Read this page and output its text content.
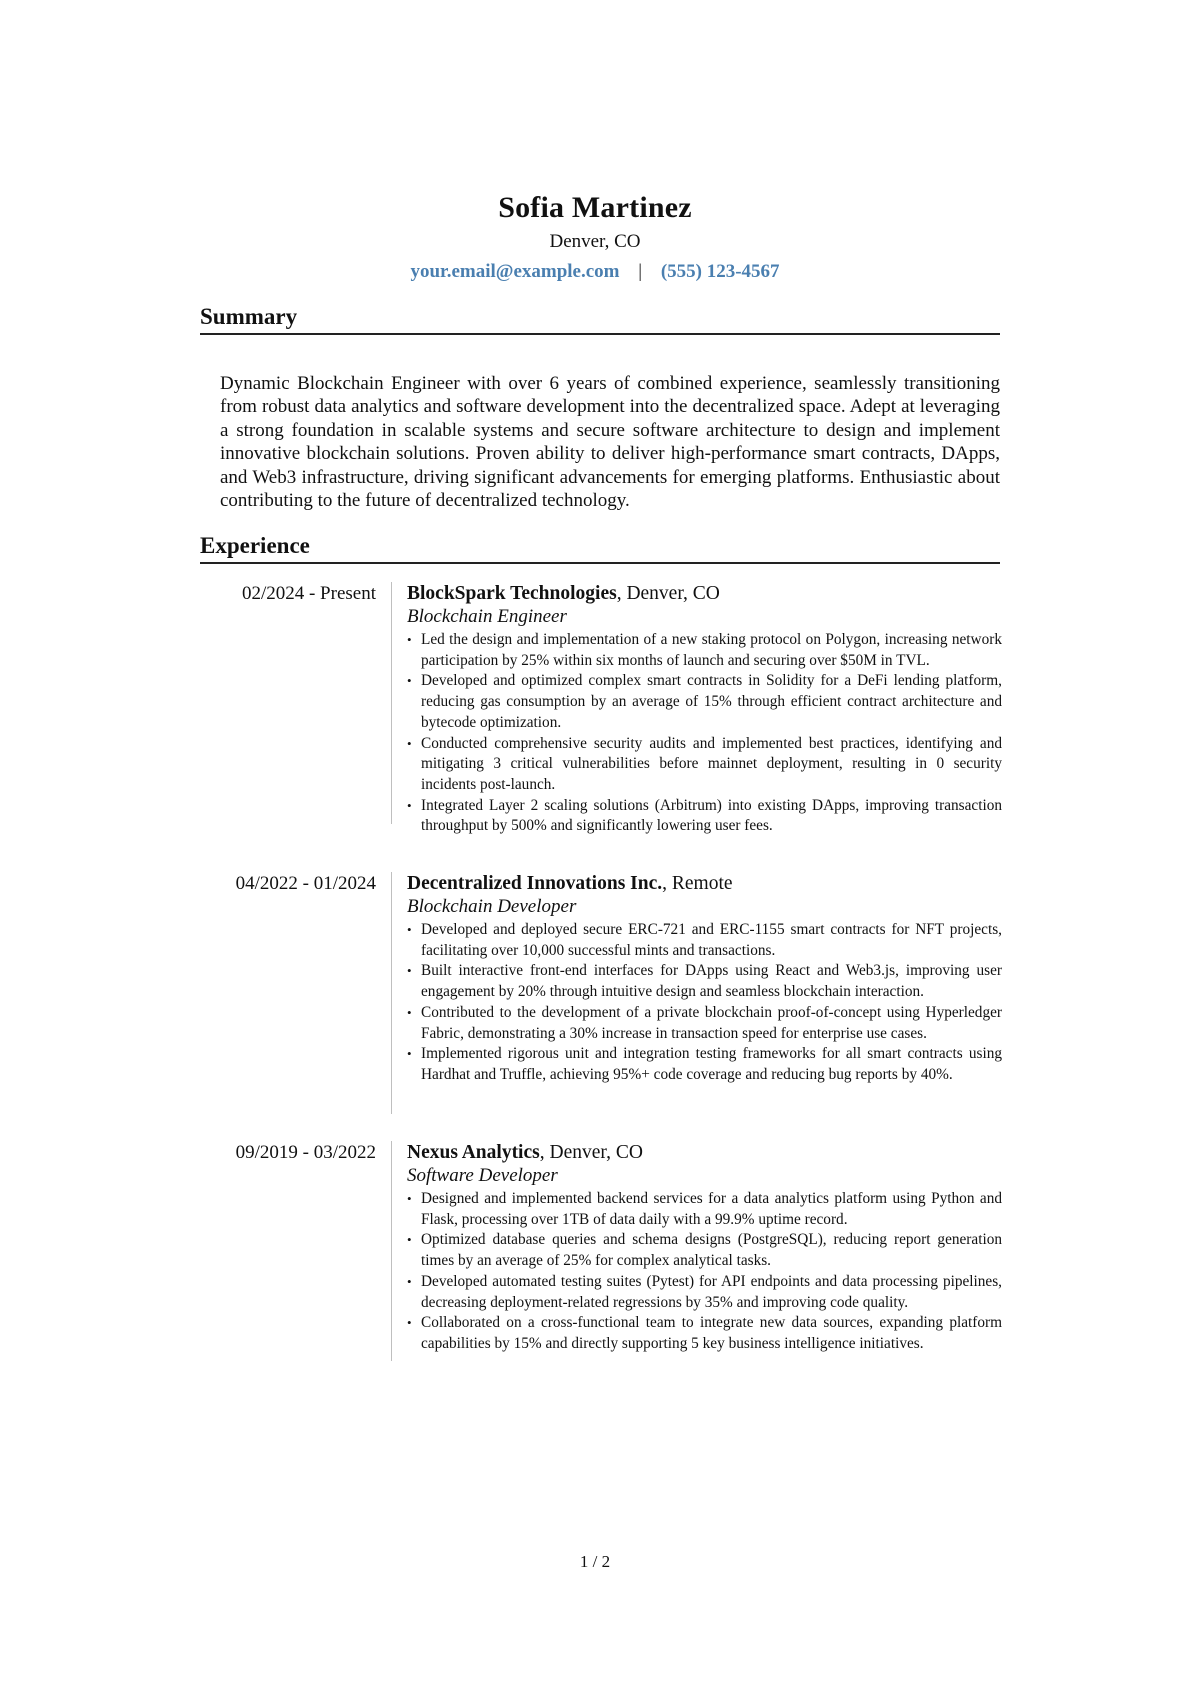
Sofia Martinez
Denver, CO
your.email@example.com | (555) 123-4567
Summary
Dynamic Blockchain Engineer with over 6 years of combined experience, seamlessly transitioning from robust data analytics and software development into the decentralized space. Adept at leveraging a strong foundation in scalable systems and secure software architecture to design and implement innovative blockchain solutions. Proven ability to deliver high-performance smart contracts, DApps, and Web3 infrastructure, driving significant advancements for emerging platforms. Enthusiastic about contributing to the future of decentralized technology.
Experience
02/2024 - Present BlockSpark Technologies, Denver, CO
Blockchain Engineer
• Led the design and implementation of a new staking protocol on Polygon, increasing network participation by 25% within six months of launch and securing over $50M in TVL.
• Developed and optimized complex smart contracts in Solidity for a DeFi lending platform, reducing gas consumption by an average of 15% through efficient contract architecture and bytecode optimization.
• Conducted comprehensive security audits and implemented best practices, identifying and mitigating 3 critical vulnerabilities before mainnet deployment, resulting in 0 security incidents post-launch.
• Integrated Layer 2 scaling solutions (Arbitrum) into existing DApps, improving transaction throughput by 500% and significantly lowering user fees.
04/2022 - 01/2024 Decentralized Innovations Inc., Remote
Blockchain Developer
• Developed and deployed secure ERC-721 and ERC-1155 smart contracts for NFT projects, facilitating over 10,000 successful mints and transactions.
• Built interactive front-end interfaces for DApps using React and Web3.js, improving user engagement by 20% through intuitive design and seamless blockchain interaction.
• Contributed to the development of a private blockchain proof-of-concept using Hyperledger Fabric, demonstrating a 30% increase in transaction speed for enterprise use cases.
• Implemented rigorous unit and integration testing frameworks for all smart contracts using Hardhat and Truffle, achieving 95%+ code coverage and reducing bug reports by 40%.
09/2019 - 03/2022 Nexus Analytics, Denver, CO
Software Developer
• Designed and implemented backend services for a data analytics platform using Python and Flask, processing over 1TB of data daily with a 99.9% uptime record.
• Optimized database queries and schema designs (PostgreSQL), reducing report generation times by an average of 25% for complex analytical tasks.
• Developed automated testing suites (Pytest) for API endpoints and data processing pipelines, decreasing deployment-related regressions by 35% and improving code quality.
• Collaborated on a cross-functional team to integrate new data sources, expanding platform capabilities by 15% and directly supporting 5 key business intelligence initiatives.
1 / 2
